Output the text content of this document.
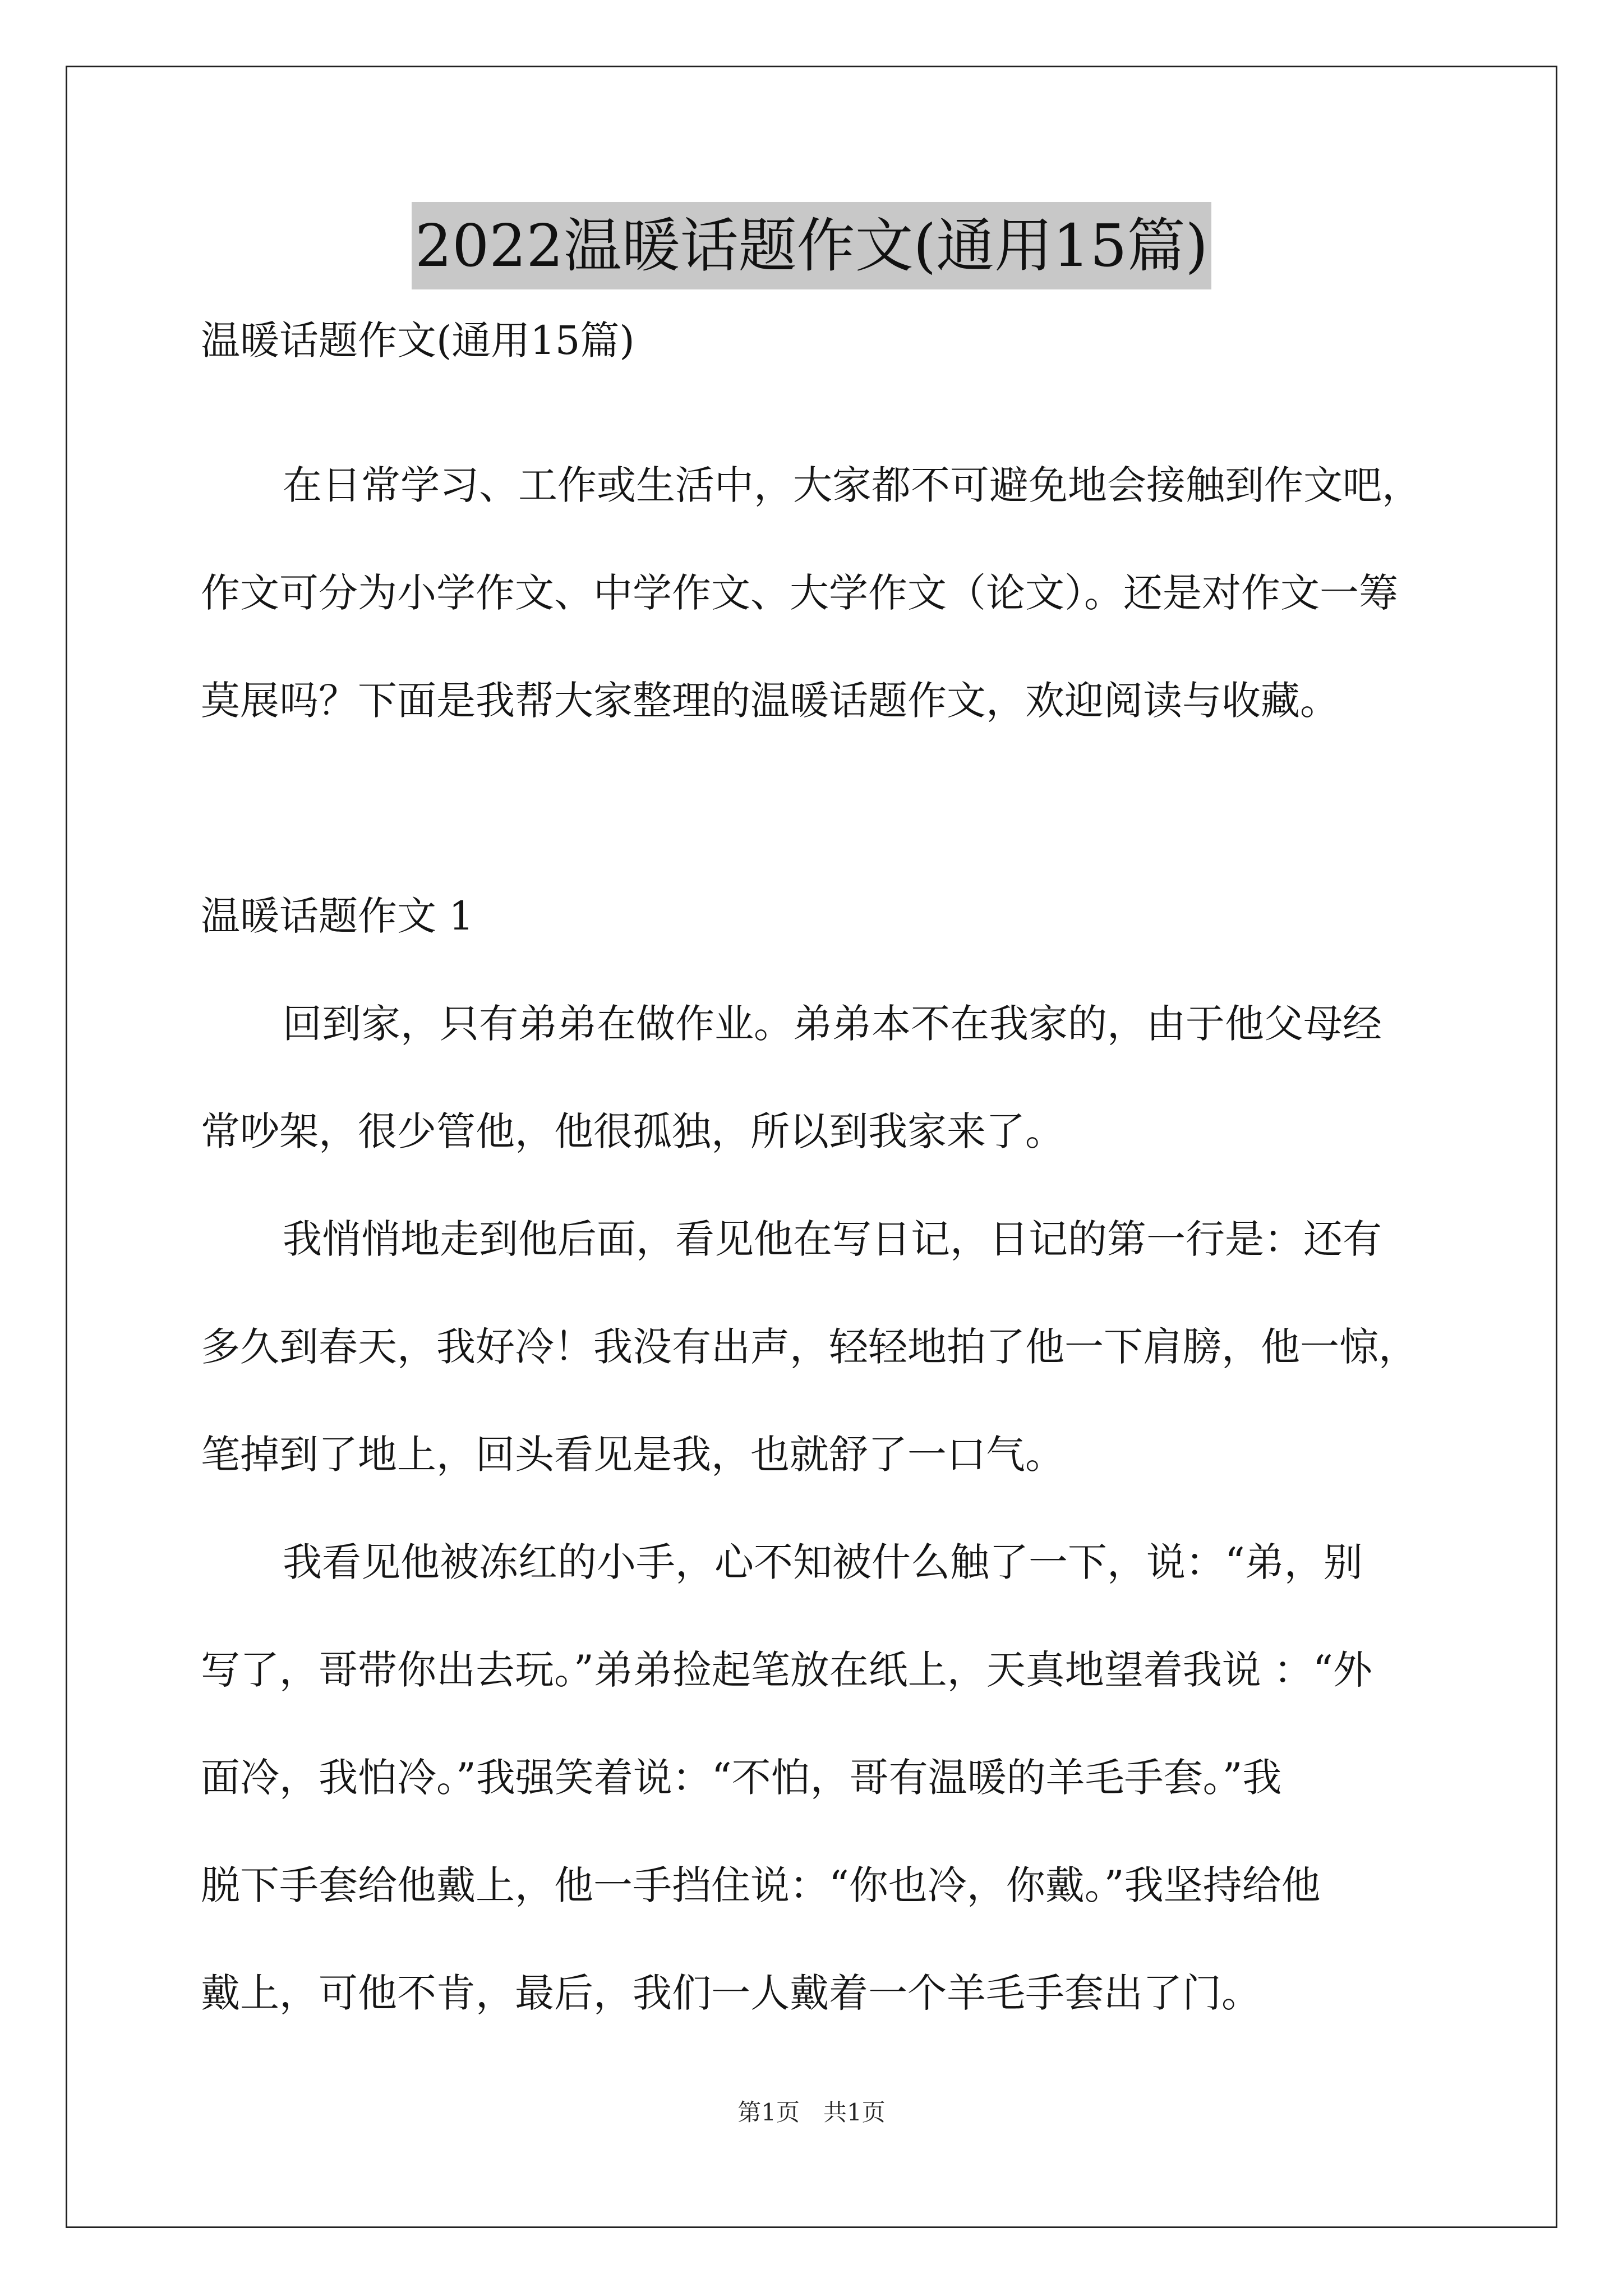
2022温暖话题作文(通用15篇)
温暖话题作文(通用15篇)
在日常学习、工作或生活中，大家都不可避免地会接触到作文吧，
作文可分为小学作文、中学作文、大学作文（论文）。还是对作文一筹
莫展吗？下面是我帮大家整理的温暖话题作文，欢迎阅读与收藏。
温暖话题作文 1
回到家，只有弟弟在做作业。弟弟本不在我家的，由于他父母经
常吵架，很少管他，他很孤独，所以到我家来了。
我悄悄地走到他后面，看见他在写日记，日记的第一行是：还有
多久到春天，我好冷！我没有出声，轻轻地拍了他一下肩膀，他一惊，
笔掉到了地上，回头看见是我，也就舒了一口气。
我看见他被冻红的小手，心不知被什么触了一下，说：“弟，别
写了，哥带你出去玩。”弟弟捡起笔放在纸上，天真地望着我说 ：“外
面冷，我怕冷。”我强笑着说：“不怕，哥有温暖的羊毛手套。”我
脱下手套给他戴上，他一手挡住说：“你也冷，你戴。”我坚持给他
戴上，可他不肯，最后，我们一人戴着一个羊毛手套出了门。
第1页　共1页
